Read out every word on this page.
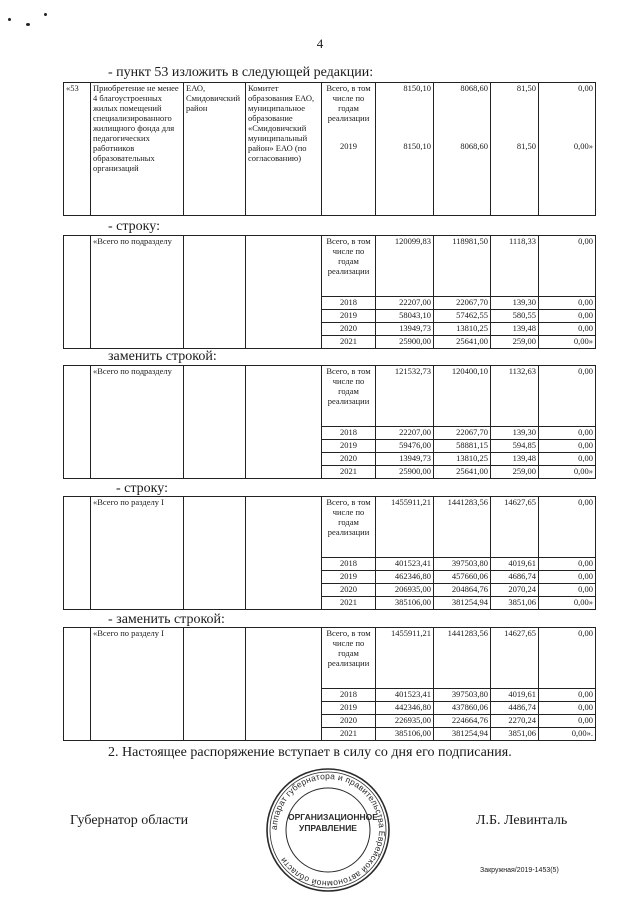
4
- пункт 53 изложить в следующей редакции:
«53	Приобретение не менее 4 благоустроенных жилых помещений специализированного жилищного фонда для педагогических работников образовательных организаций	ЕАО, Смидовичский район	Комитет образования ЕАО, муниципальное образование «Смидовичский муниципальный район» ЕАО (по согласованию)	Всего, в том числе по годам реализации	8150,10	8068,60	81,50	0,00
				2019	8150,10	8068,60	81,50	0,00»
- строку:
	«Всего по подразделу			Всего, в том числе по годам реализации	120099,83	118981,50	1118,33	0,00
				2018	22207,00	22067,70	139,30	0,00
				2019	58043,10	57462,55	580,55	0,00
				2020	13949,73	13810,25	139,48	0,00
				2021	25900,00	25641,00	259,00	0,00»
заменить строкой:
	«Всего по подразделу			Всего, в том числе по годам реализации	121532,73	120400,10	1132,63	0,00
				2018	22207,00	22067,70	139,30	0,00
				2019	59476,00	58881,15	594,85	0,00
				2020	13949,73	13810,25	139,48	0,00
				2021	25900,00	25641,00	259,00	0,00»
- строку:
	«Всего по разделу I			Всего, в том числе по годам реализации	1455911,21	1441283,56	14627,65	0,00
				2018	401523,41	397503,80	4019,61	0,00
				2019	462346,80	457660,06	4686,74	0,00
				2020	206935,00	204864,76	2070,24	0,00
				2021	385106,00	381254,94	3851,06	0,00»
- заменить строкой:
	«Всего по разделу I			Всего, в том числе по годам реализации	1455911,21	1441283,56	14627,65	0,00
				2018	401523,41	397503,80	4019,61	0,00
				2019	442346,80	437860,06	4486,74	0,00
				2020	226935,00	224664,76	2270,24	0,00
				2021	385106,00	381254,94	3851,06	0,00».
2. Настоящее распоряжение вступает в силу со дня его подписания.
аппарат губернатора и правительства Еврейской автономной области
ОРГАНИЗАЦИОННОЕ УПРАВЛЕНИЕ
Губернатор области	Л.Б. Левинталь
Закружная/2019-1453(5)
